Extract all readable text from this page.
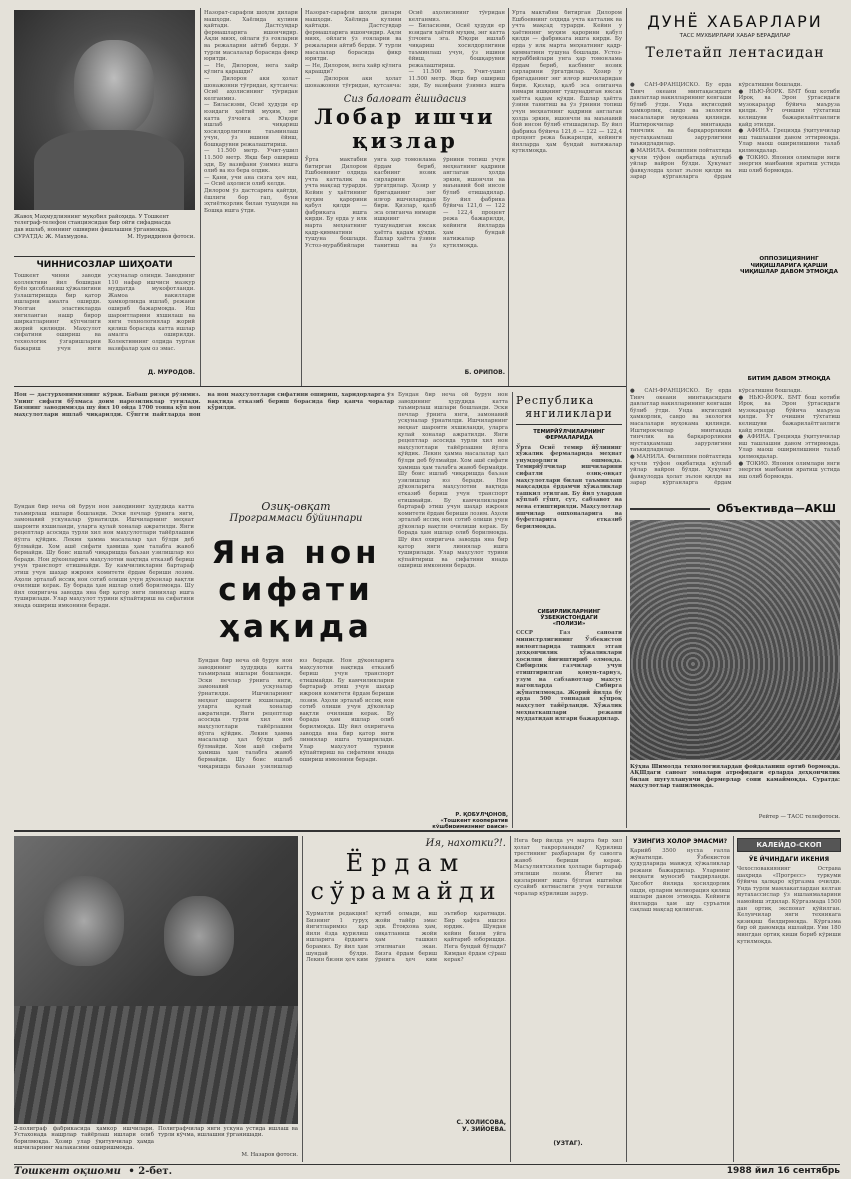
Жавоҳ Маҳмудлиянинг муқобил райоҳида. У Тошкент
телеграф-телефон станциясидан бир ойги сифадмасда
дав ишлаб, ноннинг ошвирин фишлашни ўрганмокда.
СУРАТДА: Ж. Махмудова.	М. Нуриддинов фотоси.
ЧИННИСОЗЛАР ШИҲОАТИ
Тошкент чинни заводи коллективи йил бошидан буён ҳисобланиш ҳўжалигини ўзлаштиришда бир қатор ишларни амалга оширди. Уюлган эластикларда янгиланган нашр бирор ширкатларнинг кўпчилиги жорий қилинди. Маҳсулот сифатини ошириш ва технологик ўзгаришларни бажариш учун янги ускуналар олинди. Заводнинг 110 нафар ишчиси мазкур муддатда мукофотланди. Жамоа вакиллари ҳамкорликда ишлаб, режани ошириб бажармоқда. Иш шароитларини яхшилаш ва янги технологиялар жорий қилиш борасида катта ишлар амалга оширилди. Колективнинг олдида турган вазифалар ҳам оз эмас.
Д. МУРОДОВ.
Назорат-сарафли шоҳли дилари машҳоди. Хаёлида кулини қайтади. Дастсувдар фермашларига ишончидир. Ақли миях, ойлаги ўз ғояларни ва режаларни айтиб берди. У турли масалалар борасида фикр юритди.
— Не, Дилором, нега хайр қўлига қарашди?
— Дилорон аки ҳолат шонажонни тўғридан, қутсанча: Осиё аҳолисининг тўғридан келганмиз.
— Биласизми, Осиё ҳудуди ер юзидаги ҳаётий муҳим, энг катта ўлчовга эга. Юқори ишлаб чиқариш хосилдорлигини таъминлаш учун, ўз ишини ёйиш, бошқарувни режалаштириш.
— 11.500 метр. Учит-ушил 11.500 метр. Яқш бир ошириш эди, Бу вазифани ўзимиз ишга олиб ва юз бера олдик.
— Қани, учи ана сизга ҳеч иш, — Осиё аҳолиси олиб келди.
Дилором ўз дастсарига қайтди, ёшлиги бор гап, буни эҳтиёткорлик билан тушунди ва Бошқа ишга ўтди.
Назорат-сарафли шоҳли дилари машҳоди. Хаёлида кулини қайтади. Дастсувдар фермашларига ишончидир. Ақли миях, ойлаги ўз ғояларни ва режаларни айтиб берди. У турли масалалар борасида фикр юритди.
— Не, Дилором, нега хайр қўлига қарашди?
— Дилорон аки ҳолат шонажонни тўғридан, қутсанча: Осиё аҳолисининг тўғридан келганмиз.
— Биласизми, Осиё ҳудуди ер юзидаги ҳаётий муҳим, энг катта ўлчовга эга. Юқори ишлаб чиқариш хосилдорлигини таъминлаш учун, ўз ишини ёйиш, бошқарувни режалаштириш.
— 11.500 метр. Учит-ушил 11.500 метр. Яқш бир ошириш эди, Бу вазифани ўзимиз ишга

Сиз балоғат ёшидасиз
Лобар ишчи
қизлар
Ўрта мактабни битирган Дилором Ешбоевнинг олдида учта катталик ва учта мақсад турарди. Кейин у ҳаётининг муҳим қарорини қабул қилди — фабрикага ишга кирди. Бу ерда у илк марта меҳнатнинг қадр-қимматини тушуна бошлади. Устоз-мураббийлари унга ҳар томонлама ёрдам бериб, касбнинг нозик сирларини ўргатдилар. Ҳозир у бригаданинг энг илғор ишчиларидан бири. Қизлар, қалб эса олиганча нимари ишқнинг тушунадиган юксак ҳаётга қадам қўяди. Ёшлар ҳаётга ўзини танитиш ва ўз ўрнини топиш учун меҳнатнинг қадрини англаган ҳолда эркин, ишончли ва маънавий бой инсон бўлиб етишадилар. Бу йил фабрика бўйича 121,6 — 122 — 122,4 процент режа бажарилди, кейинги йилларда ҳам бундай натижалар кутилмоқда.
Б. ОРИПОВ.
Ўрта мактабни битирган Дилором Ешбоевнинг олдида учта катталик ва учта мақсад турарди. Кейин у ҳаётининг муҳим қарорини қабул қилди — фабрикага ишга кирди. Бу ерда у илк марта меҳнатнинг қадр-қимматини тушуна бошлади. Устоз-мураббийлари унга ҳар томонлама ёрдам бериб, касбнинг нозик сирларини ўргатдилар. Ҳозир у бригаданинг энг илғор ишчиларидан бири. Қизлар, қалб эса олиганча нимари ишқнинг тушунадиган юксак ҳаётга қадам қўяди. Ёшлар ҳаётга ўзини танитиш ва ўз ўрнини топиш учун меҳнатнинг қадрини англаган ҳолда эркин, ишончли ва маънавий бой инсон бўлиб етишадилар. Бу йил фабрика бўйича 121,6 — 122 — 122,4 процент режа бажарилди, кейинги йилларда ҳам бундай натижалар кутилмоқда.
ДУНЁ ХАБАРЛАРИ
ТАСС МУХБИРЛАРИ ХАБАР БЕРАДИЛАР
Телетайп лентасидан
● САН-ФРАНЦИСКО. Бу ерда Тинч океани минтақасидаги давлатлар вакилларининг кенгаши бўлиб ўтди. Унда иқтисодий ҳамкорлик, савдо ва экология масалалари муҳокама қилинди. Иштирокчилар минтақада тинчлик ва барқарорликни мустаҳкамлаш зарурлигини таъкидладилар.
● МАНИЛА. Филиппин пойтахтида кучли тўфон оқибатида кўплаб уйлар вайрон бўлди. Ҳукумат фавқулодда ҳолат эълон қилди ва зарар кўрганларга ёрдам кўрсатишни бошлади.
● НЬЮ-ЙОРК. БМТ бош котиби Ироқ ва Эрон ўртасидаги музокаралар бўйича маъруза қилди. Ўт очишни тўхтатиш келишуви бажарилаётганлиги қайд этилди.
● АФИНА. Грецияда ўқитувчилар иш ташлашни давом эттирмоқда. Улар маош оширилишини талаб қилмоқдалар.
● ТОКИО. Япония олимлари янги энергия манбаини яратиш устида иш олиб бормоқда.
ОППОЗИЦИЯНИНГ ЧИҚИШЛАРИГА ҚАРШИ ЧИҚИШЛАР ДАВОМ ЭТМОҚДА
БИТИМ ДАВОМ ЭТМОҚДА
● САН-ФРАНЦИСКО. Бу ерда Тинч океани минтақасидаги давлатлар вакилларининг кенгаши бўлиб ўтди. Унда иқтисодий ҳамкорлик, савдо ва экология масалалари муҳокама қилинди. Иштирокчилар минтақада тинчлик ва барқарорликни мустаҳкамлаш зарурлигини таъкидладилар.
● МАНИЛА. Филиппин пойтахтида кучли тўфон оқибатида кўплаб уйлар вайрон бўлди. Ҳукумат фавқулодда ҳолат эълон қилди ва зарар кўрганларга ёрдам кўрсатишни бошлади.
● НЬЮ-ЙОРК. БМТ бош котиби Ироқ ва Эрон ўртасидаги музокаралар бўйича маъруза қилди. Ўт очишни тўхтатиш келишуви бажарилаётганлиги қайд этилди.
● АФИНА. Грецияда ўқитувчилар иш ташлашни давом эттирмоқда. Улар маош оширилишини талаб қилмоқдалар.
● ТОКИО. Япония олимлари янги энергия манбаини яратиш устида иш олиб бормоқда.
Нон — дастурхонимизнинг кўрки. Бабаш ризқи рўзимиз. Унинг сифати бўлмаса доим нарозиликлар туғилади. Бизнинг заводимизда шу йил 10 ойда 1700 тонна кўп нон маҳсулотлари ишлаб чиқарилди. Сўнгги пайтларда нон ва нон маҳсулотлари сифатини ошириш, харидорларга ўз вақтида етказиб бериш борасида бир қанча чоралар кўрилди.
Озиқ-овқат
Программаси бўйинпари
Яна нон
сифати
ҳақида
Бундан бир неча ой бурун нон заводининг ҳудудида катта таъмирлаш ишлари бошланди. Эски печлар ўрнига янги, замонавий ускуналар ўрнатилди. Ишчиларнинг меҳнат шароити яхшиланди, уларга қулай хоналар ажратилди. Янги рецептлар асосида турли хил нон маҳсулотлари тайёрлашни йўлга қўйдик. Лекин ҳамма масалалар ҳал бўлди деб бўлмайди. Хом ашё сифати ҳамиша ҳам талабга жавоб бермайди. Шу боис ишлаб чиқаришда баъзан узилишлар юз беради. Нон дўконларига маҳсулотни вақтида етказиб бериш учун транспорт етишмайди. Бу камчиликларни бартараф этиш учун шаҳар ижроия комитети ёрдам бериши лозим. Аҳоли эрталаб иссиқ нон сотиб олиши учун дўконлар вақтли очилиши керак. Бу борада ҳам ишлар олиб борилмоқда. Шу йил охиригача заводда яна бир қатор янги линиялар ишга туширилади. Улар маҳсулот турини кўпайтириш ва сифатини янада ошириш имконини беради.
Бундан бир неча ой бурун нон заводининг ҳудудида катта таъмирлаш ишлари бошланди. Эски печлар ўрнига янги, замонавий ускуналар ўрнатилди. Ишчиларнинг меҳнат шароити яхшиланди, уларга қулай хоналар ажратилди. Янги рецептлар асосида турли хил нон маҳсулотлари тайёрлашни йўлга қўйдик. Лекин ҳамма масалалар ҳал бўлди деб бўлмайди. Хом ашё сифати ҳамиша ҳам талабга жавоб бермайди. Шу боис ишлаб чиқаришда баъзан узилишлар юз беради. Нон дўконларига маҳсулотни вақтида етказиб бериш учун транспорт етишмайди. Бу камчиликларни бартараф этиш учун шаҳар ижроия комитети ёрдам бериши лозим. Аҳоли эрталаб иссиқ нон сотиб олиши учун дўконлар вақтли очилиши керак. Бу борада ҳам ишлар олиб борилмоқда. Шу йил охиригача заводда яна бир қатор янги линиялар ишга туширилади. Улар маҳсулот турини кўпайтириш ва сифатини янада ошириш имконини беради.
Бундан бир неча ой бурун нон заводининг ҳудудида катта таъмирлаш ишлари бошланди. Эски печлар ўрнига янги, замонавий ускуналар ўрнатилди. Ишчиларнинг меҳнат шароити яхшиланди, уларга қулай хоналар ажратилди. Янги рецептлар асосида турли хил нон маҳсулотлари тайёрлашни йўлга қўйдик. Лекин ҳамма масалалар ҳал бўлди деб бўлмайди. Хом ашё сифати ҳамиша ҳам талабга жавоб бермайди. Шу боис ишлаб чиқаришда баъзан узилишлар юз беради. Нон дўконларига маҳсулотни вақтида етказиб бериш учун транспорт етишмайди. Бу камчиликларни бартараф этиш учун шаҳар ижроия комитети ёрдам бериши лозим. Аҳоли эрталаб иссиқ нон сотиб олиши учун дўконлар вақтли очилиши керак. Бу борада ҳам ишлар олиб борилмоқда. Шу йил охиригача заводда яна бир қатор янги линиялар ишга туширилади. Улар маҳсулот турини кўпайтириш ва сифатини янада ошириш имконини беради.
Р. ҚОБУЛҶОНОВ,
«Тошкент кооператив кўшбиримизнинг раиси»
Республика
янгиликлари
ТЕМИРЙЎЛЧИЛАРНИНГ
ФЕРМАЛАРИДА
Ўрта Осиё темир йўлининг хўжалик фермаларида меҳнат унумдорлиги ошмоқда. Темирйўлчилар ишчиларини сифатли озиқ-овқат маҳсулотлари билан таъминлаш мақсадида ёрдамчи хўжаликлар ташкил этилган. Бу йил улардан кўплаб гўшт, сут, сабзавот ва мева етиштирилди. Маҳсулотлар ишчилар ошхоналарига ва буфетларига етказиб берилмоқда.
СИБИРЛИКЛАРНИНГ
ЎЗБЕКИСТОНДАГИ
«ПОЛИЗИ»
СССР Газ саноати министрлигининг Ўзбекистон вилоятларида ташкил этган деҳқончилик хўжаликлари ҳосилни йиғиштириб олмоқда. Сибирлик газчилар учун етиштирилган қовун-тарвуз, узум ва сабзавотлар махсус вагонларда Сибирга жўнатилмоқда. Жорий йилда бу ерда 500 тоннадан кўпроқ маҳсулот тайёрланди. Хўжалик меҳнаткашлари режани муддатидан илгари бажардилар.
Объективда—АКШ
Кўҳна Шимолда технологиялардан фойдаланиш ортиб бормоқда. АҚШдаги саноат зоналари атрофидаги ерларда деҳқончилик билан шуғулланувчи фермерлар сони камаймоқда. Суратда: маҳсулотлар ташилмоқда.
Рейтер — ТАСС телефотоси.
2-полиграф фабрикасида ҳамкор ишчилари. Устахонада нашрлар тайёрлаш ишлари олиб борилмоқда. Ҳозир улар ўқитувчилар ҳамда ишчиларнинг малакасини оширишмоқда.
Полиграфчилар янги ускуна устида ишлаш ва турли кўчма, ишлашни ўрганишади.
М. Назаров фотоси.
Ия, нахотки?!.
Ёрдам
сўрамайди
Хурматли редакция! Бизнинг 1 гуруҳ йигитларимиз ҳар йили ёзда қурилиш ишларига ёрдамга борамиз. Бу йил ҳам шундай бўлди. Лекин бизни ҳеч ким кутиб олмади, иш жойи тайёр эмас эди. Ётоқхона ҳам, овқатланиш жойи ҳам ташкил этилмаган экан. Бизга ёрдам бериш ўрнига ҳеч ким эътибор қаратмади. Бир ҳафта ишсиз юрдик. Шундан кейин бизни уйга қайтариб юборишди. Нега бундай бўлади? Кимдан ёрдам сўраш керак?
С. ХОЛИСОВА,
У. ЗИЙОЕВА.
Нега бир йилда уч марта бир хил ҳолат такрорланади? Қурилиш трестининг раҳбарлари бу саволга жавоб бериши керак. Масъулиятсизлик ҳоллари бартараф этилиши лозим. Йигит ва қизларнинг ишга бўлган иштиёқи сусайиб кетмаслиги учун тегишли чоралар кўрилиши зарур.
(ЎЗТАГ).
ЎЗИНГИЗ ХОЛОР ЭМАСМИ?
Қарийб 3500 нусха ғалла жўнатилди. Ўзбекистон ҳудудларида мавжуд хўжаликлар режани бажардилар. Уларнинг меҳнати муносиб тақдирланди. Ҳисобот йилида ҳосилдорлик ошди, ерларни мелиорация қилиш ишлари давом этмоқда. Кейинги йилларда ҳам шу суръатни сақлаш мақсад қилинган.
КАЛЕЙДО-СКОП
ЎЕ ЙЧИНДАГИ ИКЕНИЯ
Чехословакиянинг Острава шаҳрида «Прогресс» туркуми бўйича ҳалқаро кўргазма очилди. Унда турли мамлакатлардан келган мутахассислар ўз ишланмаларини намойиш этдилар. Кўргазмада 1500 дан ортиқ экспонат қўйилган. Келувчилар янги техникага қизиқиш билдирмоқда. Кўргазма бир ой давомида ишлайди. Уни 180 мингдан ортиқ киши бориб кўриши кутилмоқда.
Тошкент оқшоми • 2-бет.	1988 йил 16 сентябрь
